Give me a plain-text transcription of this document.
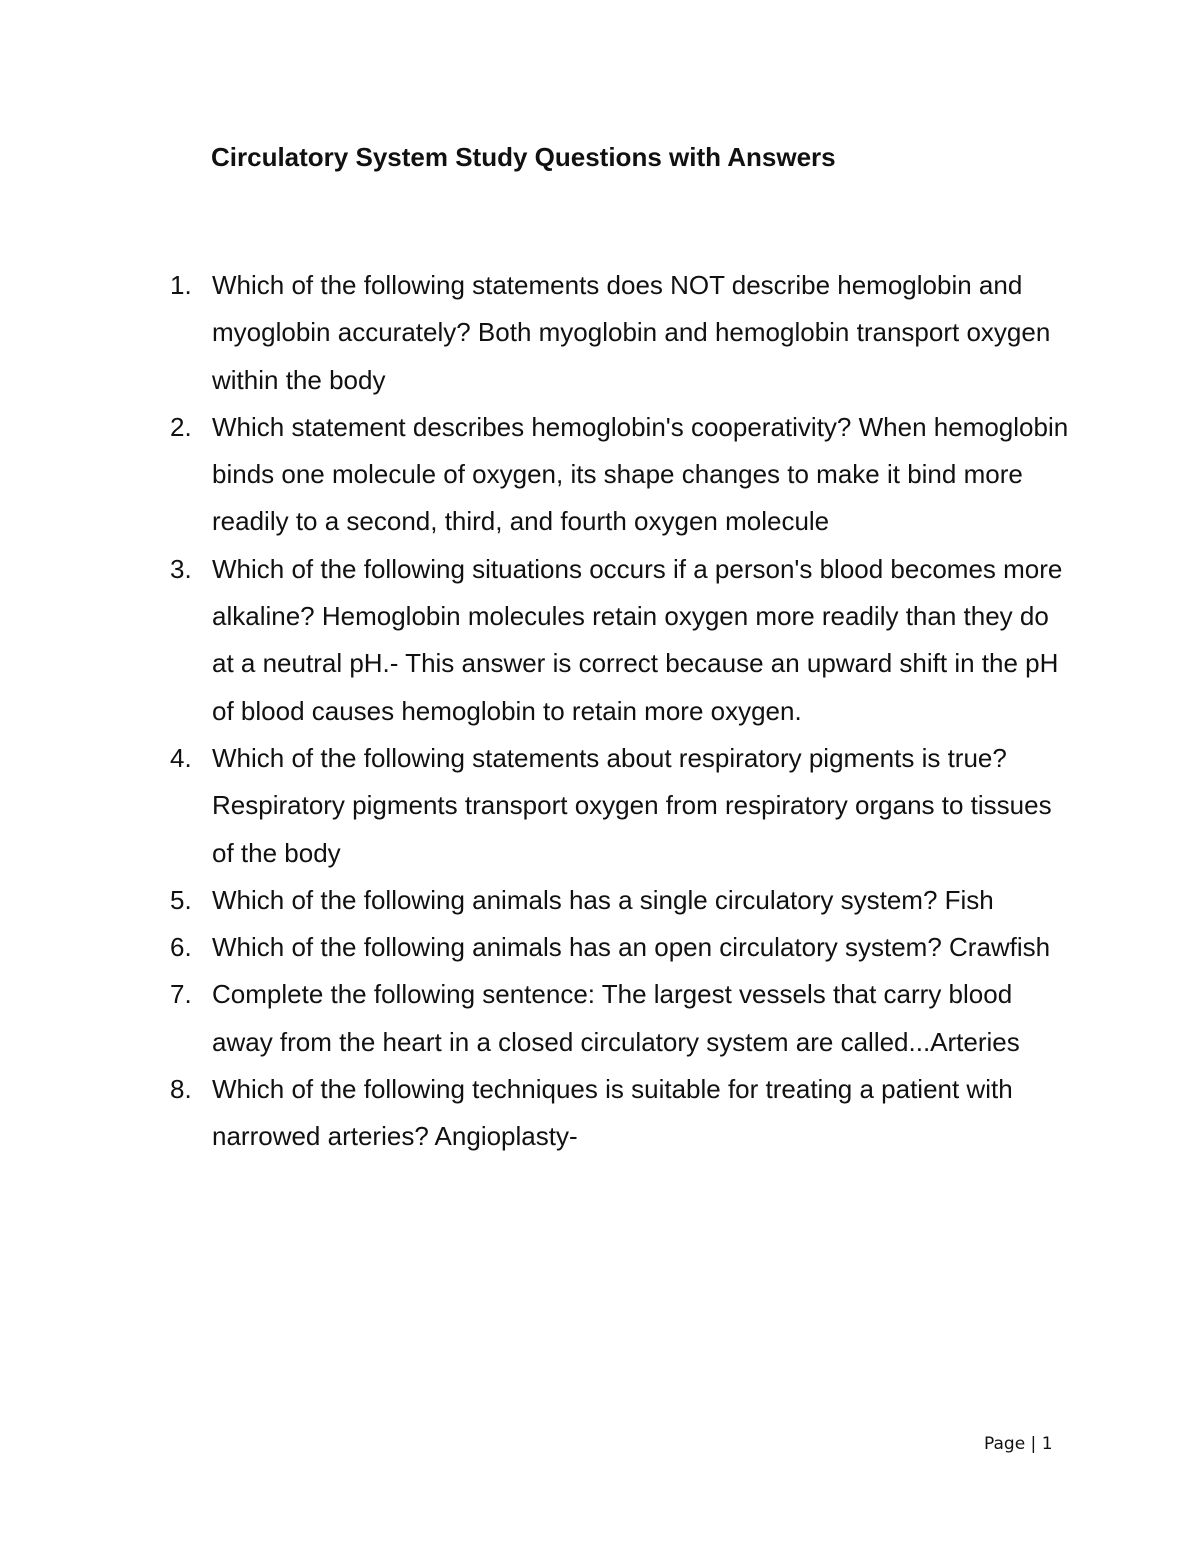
Circulatory System Study Questions with Answers
1. Which of the following statements does NOT describe hemoglobin and myoglobin accurately? Both myoglobin and hemoglobin transport oxygen within the body
2. Which statement describes hemoglobin's cooperativity? When hemoglobin binds one molecule of oxygen, its shape changes to make it bind more readily to a second, third, and fourth oxygen molecule
3. Which of the following situations occurs if a person's blood becomes more alkaline? Hemoglobin molecules retain oxygen more readily than they do at a neutral pH.- This answer is correct because an upward shift in the pH of blood causes hemoglobin to retain more oxygen.
4. Which of the following statements about respiratory pigments is true? Respiratory pigments transport oxygen from respiratory organs to tissues of the body
5. Which of the following animals has a single circulatory system? Fish
6. Which of the following animals has an open circulatory system? Crawfish
7. Complete the following sentence: The largest vessels that carry blood away from the heart in a closed circulatory system are called...Arteries
8. Which of the following techniques is suitable for treating a patient with narrowed arteries? Angioplasty-
Page | 1
